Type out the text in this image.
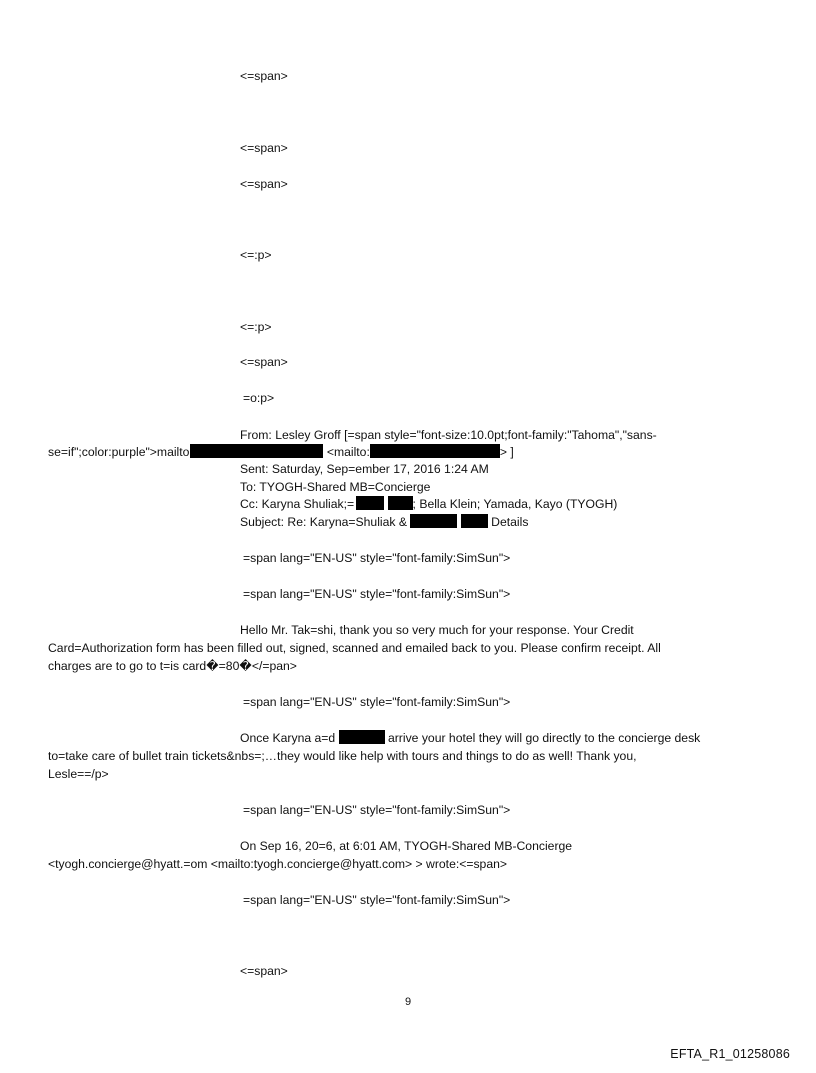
<=span>
<=span>
<=span>
<=:p>
<=:p>
<=span>
=o:p>
From: Lesley Groff [=span style="font-size:10.0pt;font-family:"Tahoma","sans-
se=if";color:purple">mailto	<mailto:	> ]
Sent: Saturday, Sep=ember 17, 2016 1:24 AM
To: TYOGH-Shared MB=Concierge
Cc: Karyna Shuliak;=	; Bella Klein; Yamada, Kayo (TYOGH)
Subject: Re: Karyna=Shuliak &	Details
=span lang="EN-US" style="font-family:SimSun">
=span lang="EN-US" style="font-family:SimSun">
Hello Mr. Tak=shi, thank you so very much for your response. Your Credit
Card=Authorization form has been filled out, signed, scanned and emailed back to you. Please confirm receipt. All
charges are to go to t=is card�=80�</=pan>
=span lang="EN-US" style="font-family:SimSun">
Once Karyna a=d	arrive your hotel they will go directly to the concierge desk
to=take care of bullet train tickets&nbs=;…they would like help with tours and things to do as well! Thank you,
Lesle==/p>
=span lang="EN-US" style="font-family:SimSun">
On Sep 16, 20=6, at 6:01 AM, TYOGH-Shared MB-Concierge
<tyogh.concierge@hyatt.=om <mailto:tyogh.concierge@hyatt.com> > wrote:<=span>
=span lang="EN-US" style="font-family:SimSun">
<=span>
9
EFTA_R1_01258086
